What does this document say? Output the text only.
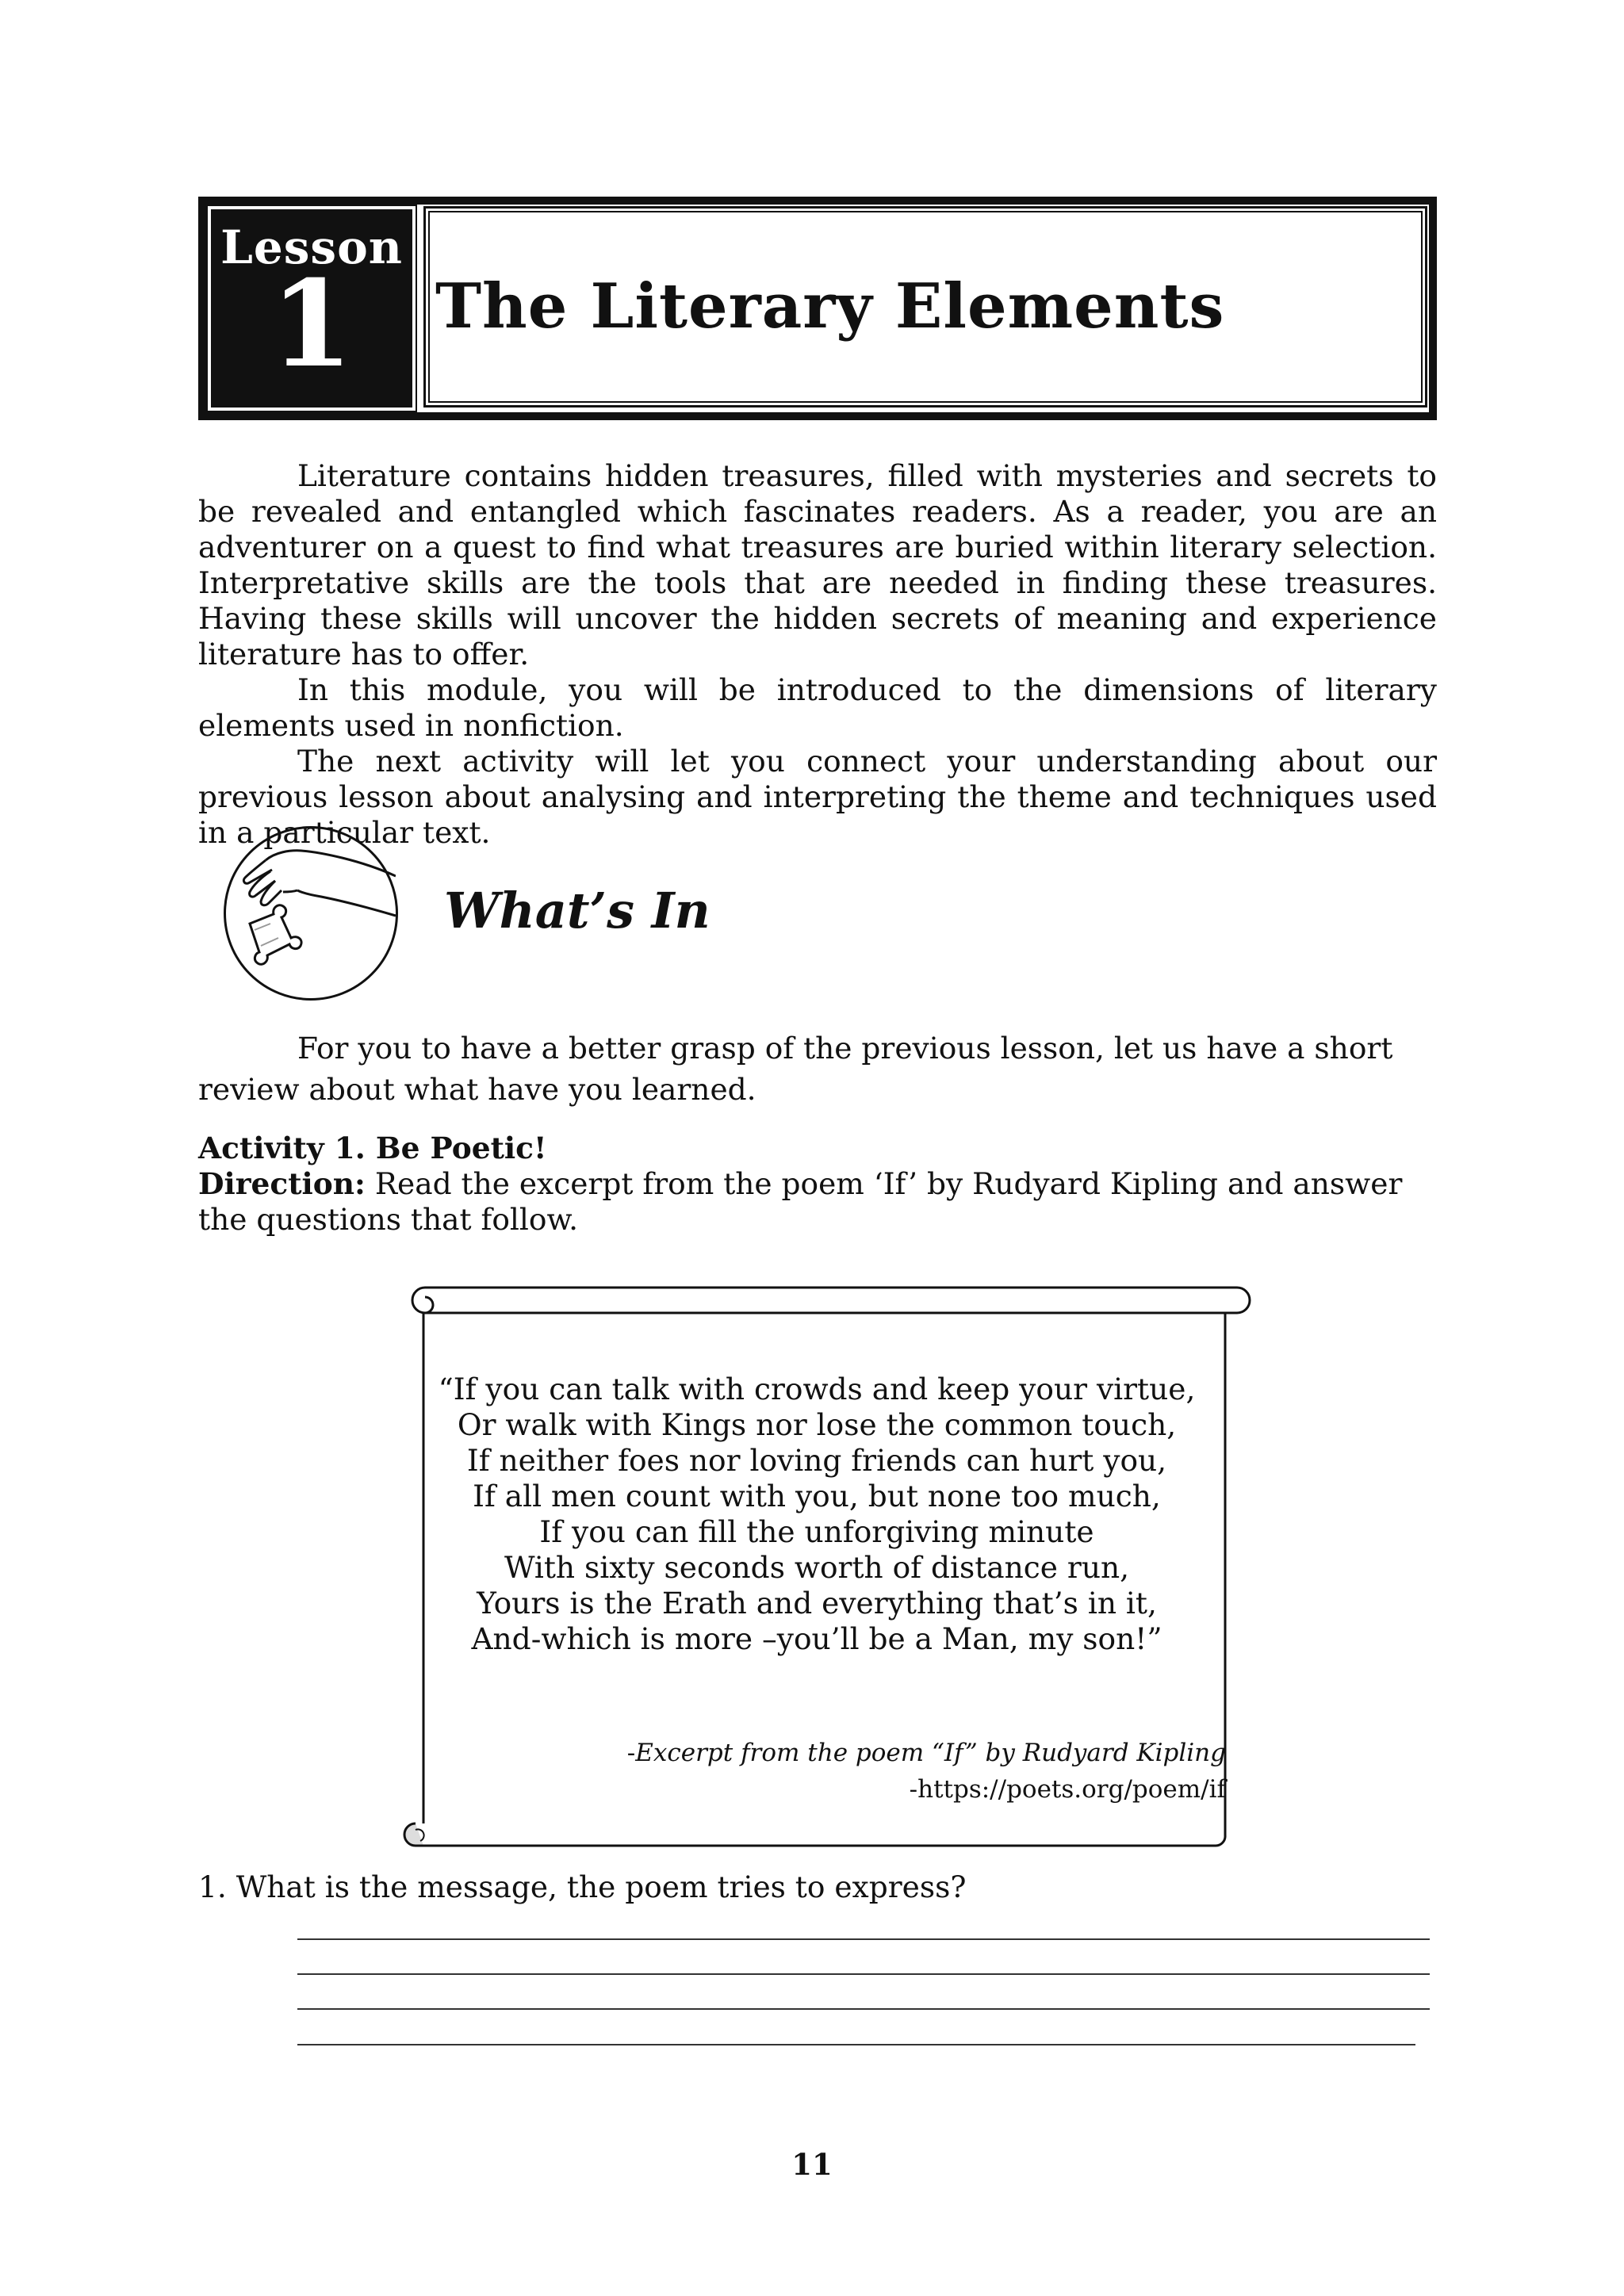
Lesson
1	The Literary Elements

Literature contains hidden treasures, filled with mysteries and secrets to be revealed and entangled which fascinates readers. As a reader, you are an adventurer on a quest to find what treasures are buried within literary selection. Interpretative skills are the tools that are needed in finding these treasures. Having these skills will uncover the hidden secrets of meaning and experience literature has to offer.

In this module, you will be introduced to the dimensions of literary elements used in nonfiction.

The next activity will let you connect your understanding about our previous lesson about analysing and interpreting the theme and techniques used in a particular text.

What’s In

For you to have a better grasp of the previous lesson, let us have a short review about what have you learned.

Activity 1. Be Poetic!

Direction: Read the excerpt from the poem ‘If’ by Rudyard Kipling and answer the questions that follow.

“If you can talk with crowds and keep your virtue,

Or walk with Kings nor lose the common touch,

If neither foes nor loving friends can hurt you,

If all men count with you, but none too much,

If you can fill the unforgiving minute

With sixty seconds worth of distance run,

Yours is the Erath and everything that’s in it,

And-which is more –you’ll be a Man, my son!”

-Excerpt from the poem “If” by Rudyard Kipling

-https://poets.org/poem/if

1. What is the message, the poem tries to express?
11
